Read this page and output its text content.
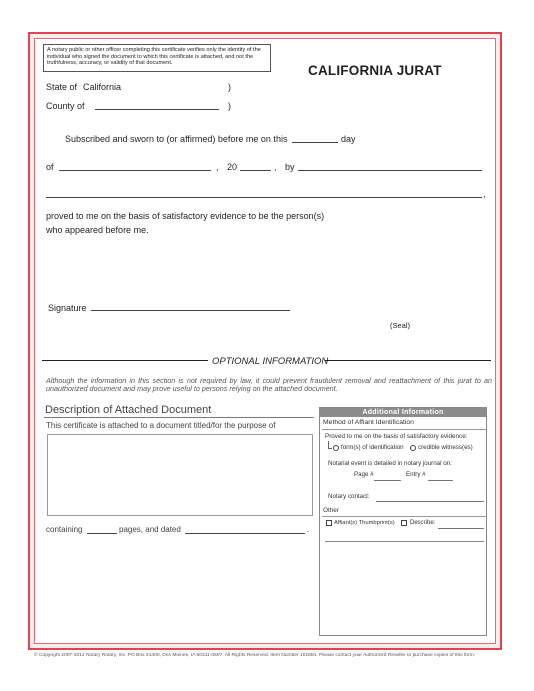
A notary public or other officer completing this certificate verifies only the identity of the individual who signed the document to which this certificate is attached, and not the truthfulness, accuracy, or validity of that document.	CALIFORNIA JURAT
State of California	)
County of	)
Subscribed and sworn to (or affirmed) before me on this	day
of	, 20	, by
,
proved to me on the basis of satisfactory evidence to be the person(s)
who appeared before me.
Signature
(Seal)
OPTIONAL INFORMATION
Although the information in this section is not required by law, it could prevent fraudulent removal and reattachment of this jurat to an unauthorized document and may prove useful to persons relying on the attached document.
Description of Attached Document
This certificate is attached to a document titled/for the purpose of
containing	pages, and dated	.
Additional Information
Method of Affiant Identification
Proved to me on the basis of satisfactory evidence:
form(s) of identification credible witness(es)
Notarial event is detailed in notary journal on:
Page #	Entry #
Notary contact:
Other
Affiant(s) Thumbprint(s)	Describe:
© Copyright 2007-2014 Notary Rotary, Inc. PO Box 41400, Des Moines, IA 50311-0507. All Rights Reserved. Item Number 101884. Please contact your Authorized Reseller to purchase copies of this form.
